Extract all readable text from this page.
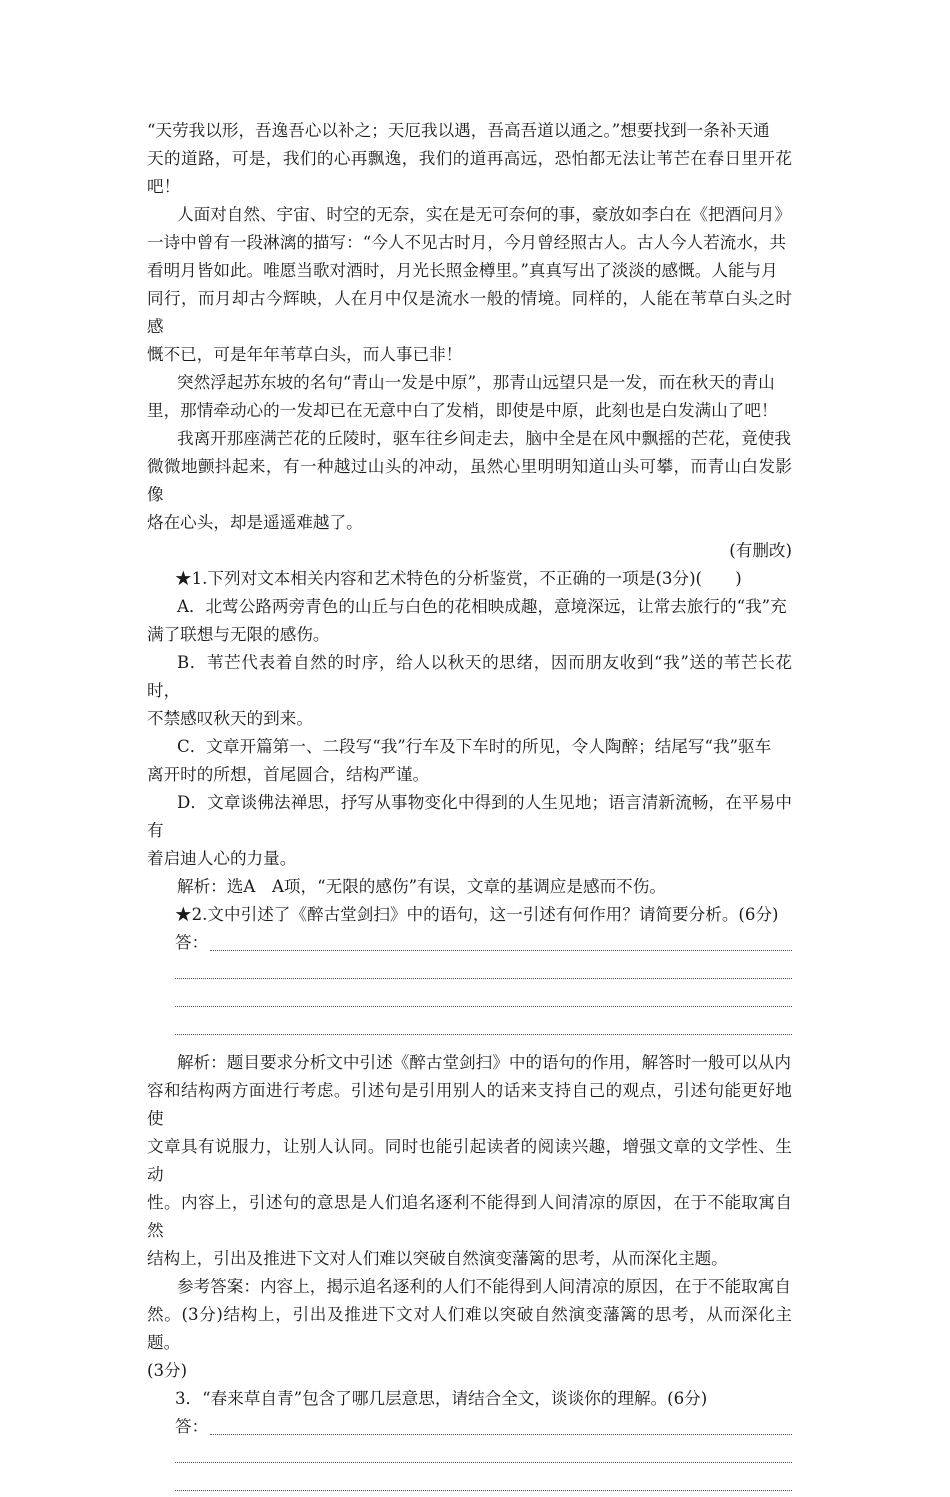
“天劳我以形，吾逸吾心以补之；天厄我以遇，吾高吾道以通之。”想要找到一条补天通

天的道路，可是，我们的心再飘逸，我们的道再高远，恐怕都无法让苇芒在春日里开花吧！

人面对自然、宇宙、时空的无奈，实在是无可奈何的事，豪放如李白在《把酒问月》

一诗中曾有一段淋漓的描写：“今人不见古时月，今月曾经照古人。古人今人若流水，共

看明月皆如此。唯愿当歌对酒时，月光长照金樽里。”真真写出了淡淡的感慨。人能与月

同行，而月却古今辉映，人在月中仅是流水一般的情境。同样的，人能在苇草白头之时感

慨不已，可是年年苇草白头，而人事已非！

突然浮起苏东坡的名句“青山一发是中原”，那青山远望只是一发，而在秋天的青山

里，那情牵动心的一发却已在无意中白了发梢，即使是中原，此刻也是白发满山了吧！

我离开那座满芒花的丘陵时，驱车往乡间走去，脑中全是在风中飘摇的芒花，竟使我

微微地颤抖起来，有一种越过山头的冲动，虽然心里明明知道山头可攀，而青山白发影像

烙在心头，却是遥遥难越了。

(有删改)

★1.下列对文本相关内容和艺术特色的分析鉴赏，不正确的一项是(3分)(　　)

A．北莺公路两旁青色的山丘与白色的花相映成趣，意境深远，让常去旅行的“我”充

满了联想与无限的感伤。

B．苇芒代表着自然的时序，给人以秋天的思绪，因而朋友收到“我”送的苇芒长花时，

不禁感叹秋天的到来。

C．文章开篇第一、二段写“我”行车及下车时的所见，令人陶醉；结尾写“我”驱车

离开时的所想，首尾圆合，结构严谨。

D．文章谈佛法禅思，抒写从事物变化中得到的人生见地；语言清新流畅，在平易中有

着启迪人心的力量。

解析：选A　A项，“无限的感伤”有误，文章的基调应是感而不伤。

★2.文中引述了《醉古堂剑扫》中的语句，这一引述有何作用？请简要分析。(6分)

答：

解析：题目要求分析文中引述《醉古堂剑扫》中的语句的作用，解答时一般可以从内

容和结构两方面进行考虑。引述句是引用别人的话来支持自己的观点，引述句能更好地使

文章具有说服力，让别人认同。同时也能引起读者的阅读兴趣，增强文章的文学性、生动

性。内容上，引述句的意思是人们追名逐利不能得到人间清凉的原因，在于不能取寓自然

结构上，引出及推进下文对人们难以突破自然演变藩篱的思考，从而深化主题。

参考答案：内容上，揭示追名逐利的人们不能得到人间清凉的原因，在于不能取寓自

然。(3分)结构上，引出及推进下文对人们难以突破自然演变藩篱的思考，从而深化主题。

(3分)

3．“春来草自青”包含了哪几层意思，请结合全文，谈谈你的理解。(6分)

答：
